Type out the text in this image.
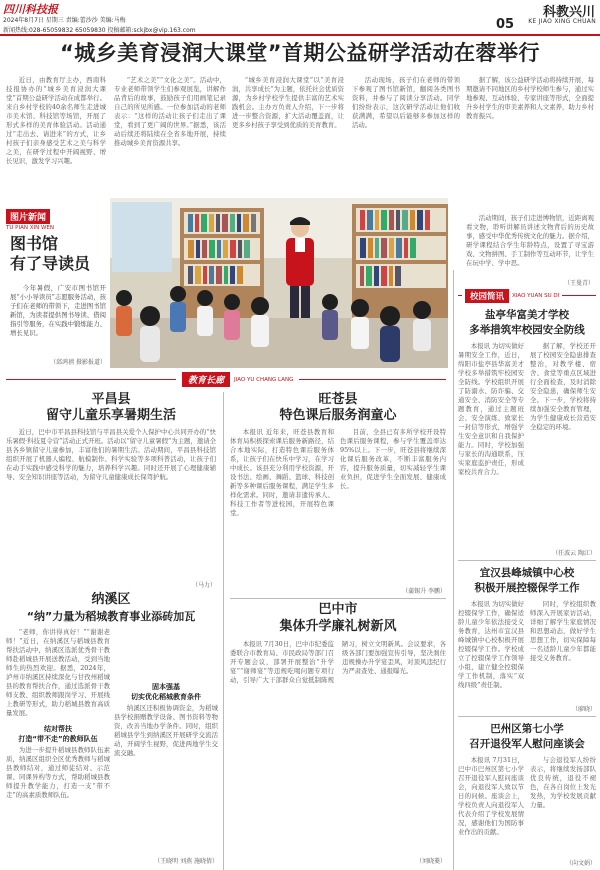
四川科技报
2024年8月7日 星期三 责编:蕾沙沙 美编:马梅
新闻热线:028-65059832 65059830 投稿邮箱:sckjbx@vip.163.com
科教兴川
KE JIAO XING CHUAN
05
“城乡美育浸润大课堂”首期公益研学活动在蓉举行

近日，由教育厅主办，西南科技报协办的“城乡美育浸润大课堂”首期公益研学活动在成都举行。来自乡村学校的40余名师生走进城市美术馆、科技馆等场馆，开展了形式多样的美育体验活动。活动通过“走出去、请进来”的方式，让乡村孩子们亲身感受艺术之美与科学之美，在研学过程中开阔视野、增长见识，激发学习兴趣。

“艺术之美”“文化之美”。活动中，专业老师带领学生们参观展览，讲解作品背后的故事，鼓励孩子们用画笔记录自己的所见所感。一位参加活动的老师表示：“这样的活动让孩子们走出了课堂，看到了更广阔的世界。”据悉，该活动后续还将陆续在全省多地开展，持续推动城乡美育资源共享。

“城乡美育浸润大课堂”以“美育浸润，共享成长”为主题，依托社会优质资源，为乡村学校学生提供丰富的艺术实践机会。主办方负责人介绍，下一步将进一步整合资源，扩大活动覆盖面，让更多乡村孩子享受到优质的美育教育。

活动现场，孩子们在老师的带领下参观了图书馆新馆，翻阅各类图书资料，并参与了阅读分享活动。同学们纷纷表示，这次研学活动让他们收获满满，希望以后能够多参加这样的活动。

据了解，该公益研学活动将持续开展，每期邀请不同地区的乡村学校师生参与，通过实地参观、互动体验、专家讲座等形式，全面提升乡村学生的审美素养和人文素养，助力乡村教育振兴。

图片新闻
TU PIAN XIN WEN
图书馆
有了导读员

今年暑假，广安市图书馆开展“小小导读员”志愿服务活动，孩子们在老师的带领下，走进图书馆新馆，为读者提供图书导读、借阅指引等服务，在实践中锻炼能力、增长见识。

（邱鸿禧 摄影报道）
教育长廊	JIAO YU CHANG LANG
平昌县
留守儿童乐享暑期生活

近日，巴中市平昌县科技馆与平昌县关爱个人保护中心共同开办的“快乐暑假·科技夏令营”活动正式开班。活动以“留守儿童暑假”为主题，邀请全县各乡镇留守儿童参加，丰富他们的暑期生活。活动期间，平昌县科技馆组织开展了机器人编程、航模制作、科学实验等多项科普活动，让孩子们在动手实践中感受科学的魅力，培养科学兴趣。同时还开展了心理健康辅导、安全知识讲座等活动，为留守儿童健康成长保驾护航。

（马力）
旺苍县
特色课后服务润童心

本报讯 近年来，旺苍县教育和体育局积极探索课后服务新路径，结合本地实际，打造特色课后服务体系，让孩子们在快乐中学习，在学习中成长。该县充分利用学校资源，开设书法、绘画、舞蹈、篮球、科技创新等多种课后服务课程，满足学生多样化需求。同时，邀请非遗传承人、科技工作者等进校园，开展特色课堂。

目前，全县已有多所学校开设特色课后服务课程，参与学生覆盖率达95%以上。下一步，旺苍县将继续深化课后服务改革，不断丰富服务内容，提升服务质量，切实减轻学生课业负担，促进学生全面发展、健康成长。

（蒲锡升 李鹏）
纳溪区
“纳”力量为稻城教育事业添砖加瓦

“老师，你讲得真好！”“谢谢老师！”近日，在纳溪区与稻城县教育帮扶活动中，纳溪区选派优秀骨干教师赴稻城县开展送教活动，受到当地师生的热烈欢迎。据悉，2024年，泸州市纳溪区持续深化与甘孜州稻城县的教育帮扶合作，通过选派骨干教师支教、组织教师跟岗学习、开展线上教研等形式，助力稻城县教育高质量发展。

结对帮扶
打造“带不走”的教师队伍

为进一步提升稻城县教师队伍素质，纳溪区组织全区优秀教师与稻城县教师结对，通过师徒结对、示范课、同课异构等方式，帮助稻城县教师提升教学能力，打造一支“带不走”的高素质教师队伍。

固本强基
切实优化稻城教育条件

纳溪区还积极协调资金，为稻城县学校捐赠教学设备、图书资料等物资，改善当地办学条件。同时，组织稻城县学生到纳溪区开展研学交流活动，开阔学生视野，促进两地学生交流交融。

（王晓明 刘燕 施晓倩）
巴中市
集体升学廉礼树新风

本报讯 7月30日，巴中市纪委监委联合市教育局、市民政局等部门召开专题会议，部署开展整治“升学宴”“谢师宴”等违规吃喝问题专项行动，引导广大干部群众自觉抵制陈规陋习，树立文明新风。会议要求，各级各部门要加强宣传引导，坚决刹住违规操办升学宴歪风，对顶风违纪行为严肃查处、通报曝光。

（刘晓菱）

活动期间，孩子们走进博物馆，近距离观看文物，聆听讲解员讲述文物背后的历史故事，感受中华优秀传统文化的魅力。据介绍，研学课程结合学生年龄特点，设置了寻宝游戏、文物拼图、手工制作等互动环节，让学生在玩中学、学中思。

（王曼青）
校园简讯	XIAO YUAN SU DI
盐亭华富美才学校
多举措筑牢校园安全防线

本报讯 为切实做好暑期安全工作，近日，绵阳市盐亭县华富美才学校多举措筑牢校园安全防线。学校组织开展了防溺水、防诈骗、交通安全、消防安全等专题教育，通过主题班会、安全演练、致家长一封信等形式，增强学生安全意识和自我保护能力。同时，学校加强与家长的沟通联系，压实家庭监护责任，形成家校共育合力。

据了解，学校还开展了校园安全隐患排查整治，对教学楼、宿舍、食堂等重点区域进行全面检查，及时消除安全隐患，确保师生安全。下一步，学校将持续加强安全教育管理，为学生健康成长营造安全稳定的环境。

（任波云 陶江）
宜汉县峰城镇中心校
积极开展控辍保学工作

本报讯 为切实做好控辍保学工作，确保适龄儿童少年依法接受义务教育，达州市宜汉县峰城镇中心校积极开展控辍保学工作。学校成立了控辍保学工作领导小组，建立健全控辍保学工作机制，落实“双线四级”责任制。

同时，学校组织教师深入开展家访活动，详细了解学生家庭情况和思想动态，做好学生思想工作，切实保障每一名适龄儿童少年都能接受义务教育。

（廖晓）
巴州区第七小学
召开退役军人慰问座谈会

本报讯 7月31日，巴中市巴州区第七小学召开退役军人慰问座谈会，向退役军人致以节日的问候。座谈会上，学校负责人向退役军人代表介绍了学校发展情况，感谢他们为国防事业作出的贡献。

与会退役军人纷纷表示，将继续发扬部队优良传统，退役不褪色，在各自岗位上发光发热，为学校发展贡献力量。

（向文娟）
